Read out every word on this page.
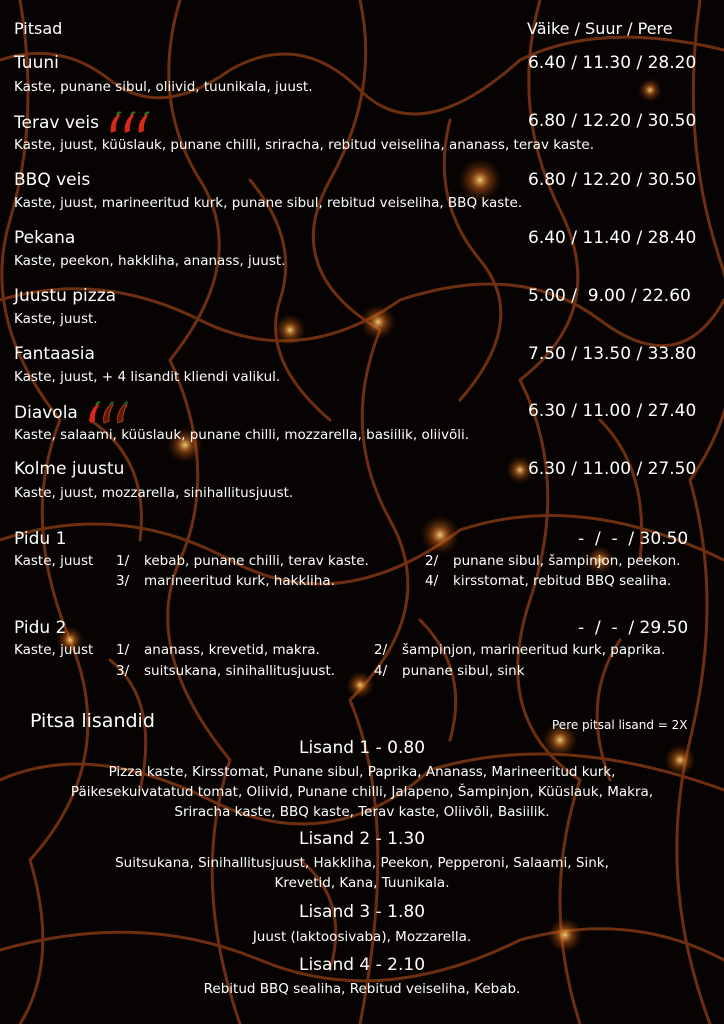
Pitsad	Väike / Suur / Pere
Tuuni	6.40 / 11.30 / 28.20
Kaste, punane sibul, oliivid, tuunikala, juust.
Terav veis	6.80 / 12.20 / 30.50
Kaste, juust, küüslauk, punane chilli, sriracha, rebitud veiseliha, ananass, terav kaste.
BBQ veis	6.80 / 12.20 / 30.50
Kaste, juust, marineeritud kurk, punane sibul, rebitud veiseliha, BBQ kaste.
Pekana	6.40 / 11.40 / 28.40
Kaste, peekon, hakkliha, ananass, juust.
Juustu pizza	5.00 /  9.00 / 22.60
Kaste, juust.
Fantaasia	7.50 / 13.50 / 33.80
Kaste, juust, + 4 lisandit kliendi valikul.
Diavola	6.30 / 11.00 / 27.40
Kaste, salaami, küüslauk, punane chilli, mozzarella, basiilik, oliivõli.
Kolme juustu	6.30 / 11.00 / 27.50
Kaste, juust, mozzarella, sinihallitusjuust.
Pidu 1	-  /  -  / 30.50
Kaste, juust 1/ kebab, punane chilli, terav kaste.	2/ punane sibul, šampinjon, peekon.
3/ marineeritud kurk, hakkliha.	4/ kirsstomat, rebitud BBQ sealiha.
Pidu 2	-  /  -  / 29.50
Kaste, juust 1/ ananass, krevetid, makra.	2/ šampinjon, marineeritud kurk, paprika.
3/ suitsukana, sinihallitusjuust.	4/ punane sibul, sink
Pitsa lisandid	Pere pitsal lisand = 2X
Lisand 1 - 0.80
Pizza kaste, Kirsstomat, Punane sibul, Paprika, Ananass, Marineeritud kurk,
Päikesekuivatatud tomat, Oliivid, Punane chilli, Jalapeno, Šampinjon, Küüslauk, Makra,
Sriracha kaste, BBQ kaste, Terav kaste, Oliivõli, Basiilik.
Lisand 2 - 1.30
Suitsukana, Sinihallitusjuust, Hakkliha, Peekon, Pepperoni, Salaami, Sink,
Krevetid, Kana, Tuunikala.
Lisand 3 - 1.80
Juust (laktoosivaba), Mozzarella.
Lisand 4 - 2.10
Rebitud BBQ sealiha, Rebitud veiseliha, Kebab.
